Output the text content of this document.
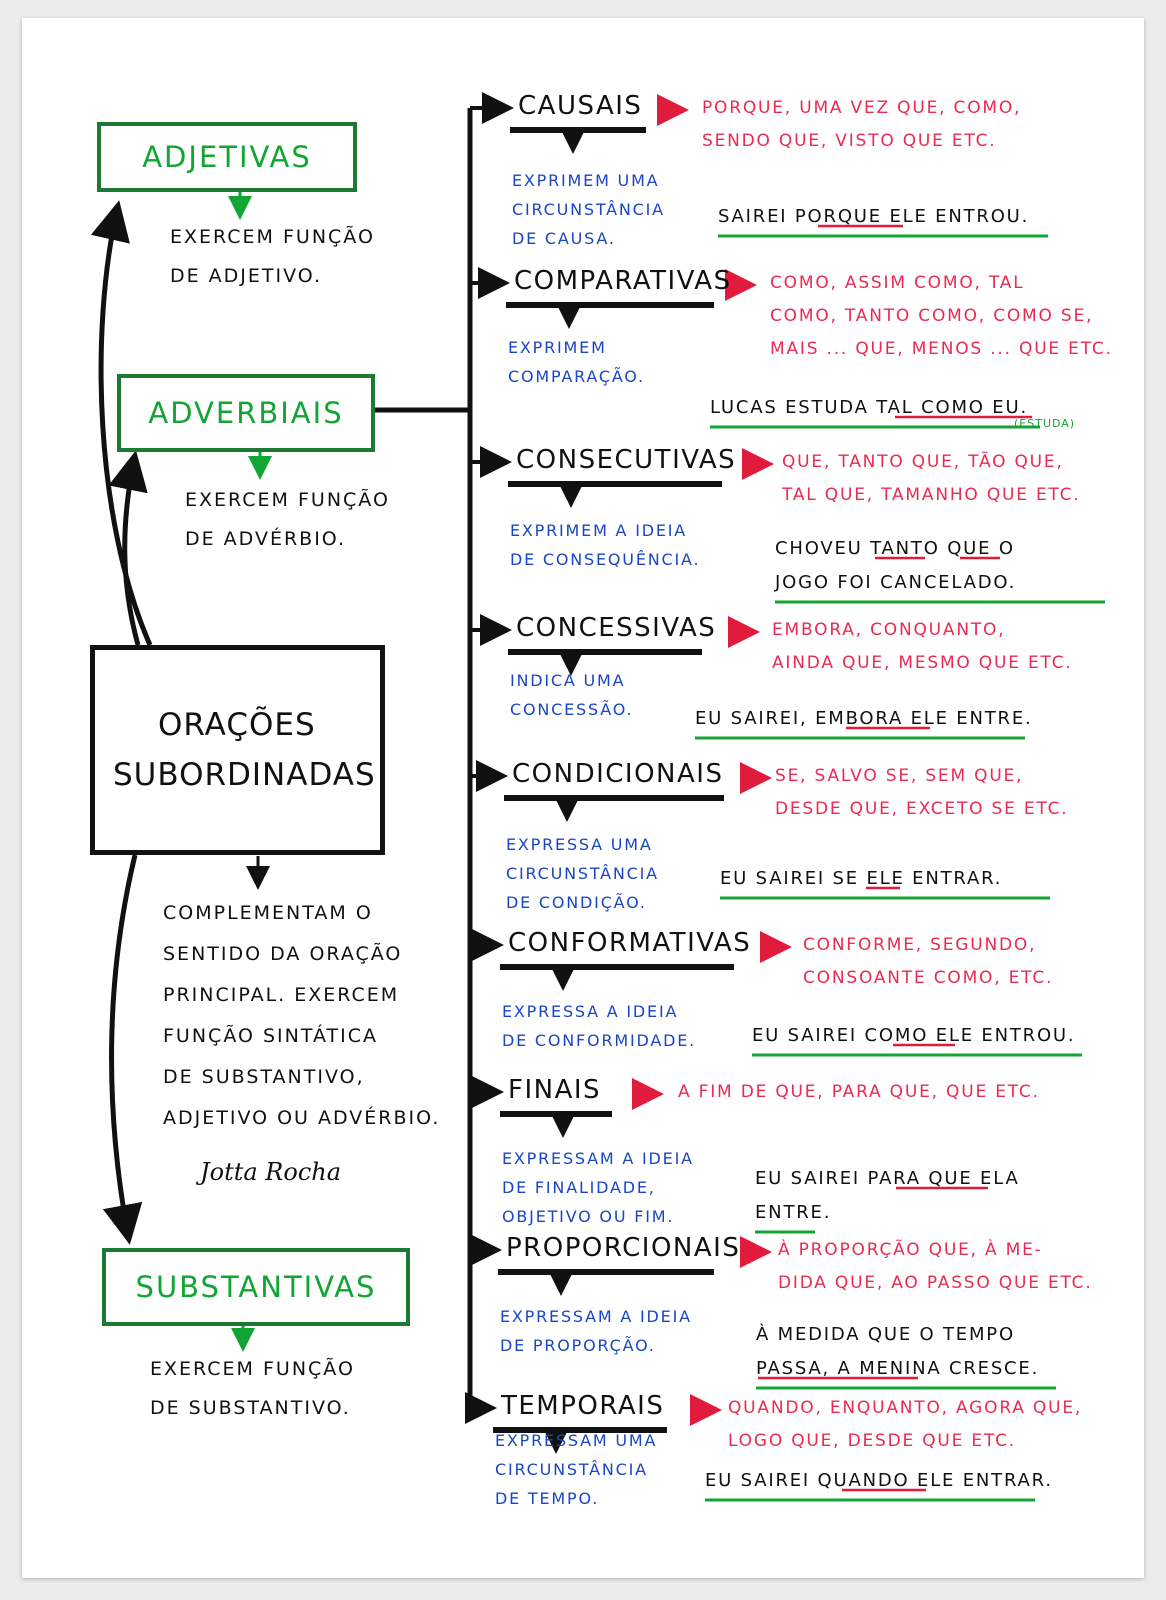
ADJETIVAS
EXERCEM FUNÇÃO
DE ADJETIVO.
ADVERBIAIS
EXERCEM FUNÇÃO
DE ADVÉRBIO.
ORAÇÕES
SUBORDINADAS
COMPLEMENTAM O
SENTIDO DA ORAÇÃO
PRINCIPAL. EXERCEM
FUNÇÃO SINTÁTICA
DE SUBSTANTIVO,
ADJETIVO OU ADVÉRBIO.
Jotta Rocha
SUBSTANTIVAS
EXERCEM FUNÇÃO
DE SUBSTANTIVO.
CAUSAIS	PORQUE, UMA VEZ QUE, COMO,
SENDO QUE, VISTO QUE ETC.
EXPRIMEM UMA
CIRCUNSTÂNCIA
DE CAUSA.
SAIREI PORQUE ELE ENTROU.
COMPARATIVAS COMO, ASSIM COMO, TAL
COMO, TANTO COMO, COMO SE,
MAIS ... QUE, MENOS ... QUE ETC.
EXPRIMEM
COMPARAÇÃO.
LUCAS ESTUDA TAL COMO EU.
(ESTUDA)
CONSECUTIVAS	QUE, TANTO QUE, TÃO QUE,
TAL QUE, TAMANHO QUE ETC.
EXPRIMEM A IDEIA
DE CONSEQUÊNCIA.
CHOVEU TANTO QUE O
JOGO FOI CANCELADO.
CONCESSIVAS	EMBORA, CONQUANTO,
AINDA QUE, MESMO QUE ETC.
INDICA UMA
CONCESSÃO.	EU SAIREI, EMBORA ELE ENTRE.
CONDICIONAIS	SE, SALVO SE, SEM QUE,
DESDE QUE, EXCETO SE ETC.
EXPRESSA UMA
CIRCUNSTÂNCIA
DE CONDIÇÃO.
EU SAIREI SE ELE ENTRAR.
CONFORMATIVAS	CONFORME, SEGUNDO,
CONSOANTE COMO, ETC.
EXPRESSA A IDEIA
DE CONFORMIDADE.	EU SAIREI COMO ELE ENTROU.
FINAIS	A FIM DE QUE, PARA QUE, QUE ETC.
EXPRESSAM A IDEIA
DE FINALIDADE,
OBJETIVO OU FIM.
EU SAIREI PARA QUE ELA
ENTRE.
PROPORCIONAIS À PROPORÇÃO QUE, À ME-
DIDA QUE, AO PASSO QUE ETC.
EXPRESSAM A IDEIA
DE PROPORÇÃO.
À MEDIDA QUE O TEMPO
PASSA, A MENINA CRESCE.
TEMPORAIS	QUANDO, ENQUANTO, AGORA QUE,
LOGO QUE, DESDE QUE ETC.
EXPRESSAM UMA
CIRCUNSTÂNCIA
DE TEMPO.
EU SAIREI QUANDO ELE ENTRAR.
